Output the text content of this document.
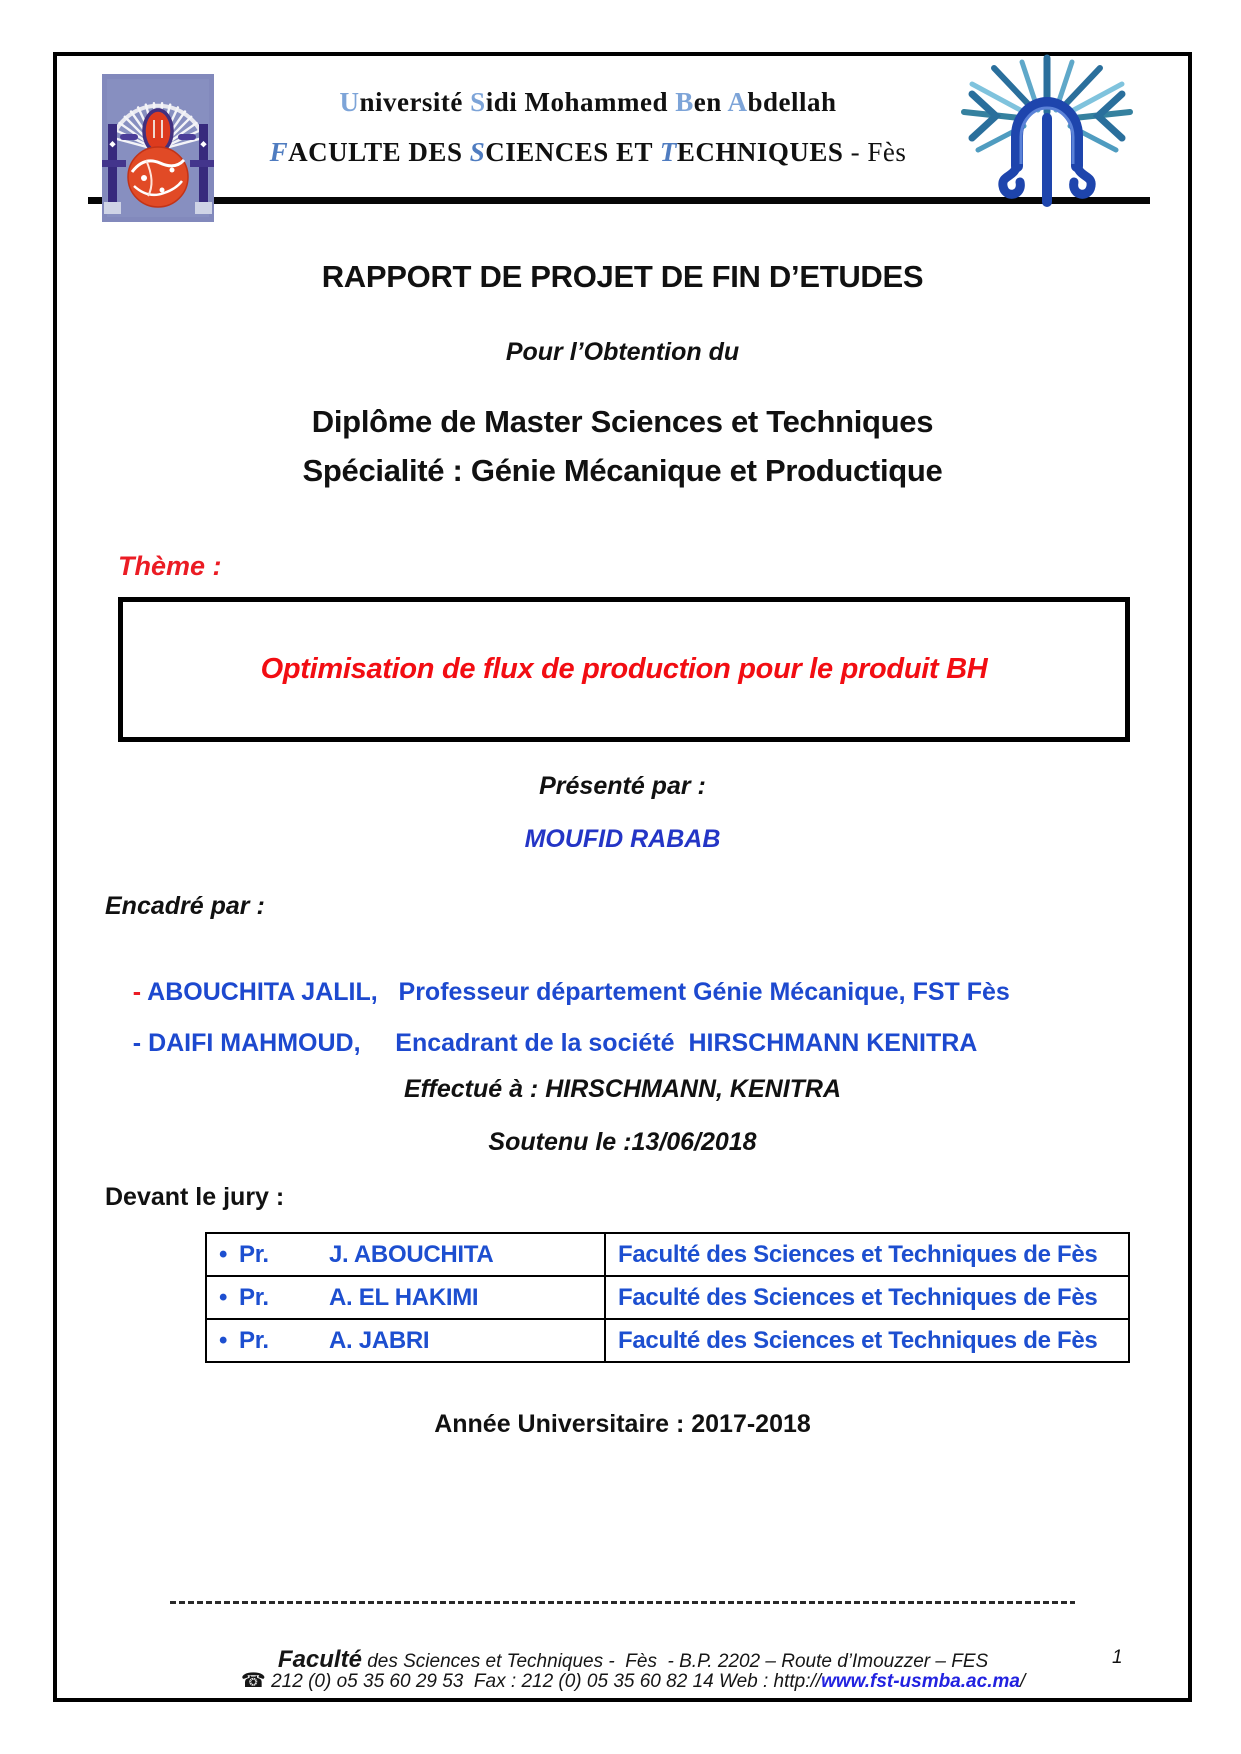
Université Sidi Mohammed Ben Abdellah
FACULTE DES SCIENCES ET TECHNIQUES - Fès
RAPPORT DE PROJET DE FIN D’ETUDES
Pour l’Obtention du
Diplôme de Master Sciences et Techniques
Spécialité : Génie Mécanique et Productique
Thème :
Optimisation de flux de production pour le produit BH
Présenté par :
MOUFID RABAB
Encadré par :

- ABOUCHITA JALIL,   Professeur département Génie Mécanique, FST Fès

- DAIFI MAHMOUD,     Encadrant de la société  HIRSCHMANN KENITRA

Effectué à : HIRSCHMANN, KENITRA
Soutenu le :13/06/2018
Devant le jury :
• Pr. J. ABOUCHITA	Faculté des Sciences et Techniques de Fès
• Pr. A. EL HAKIMI	Faculté des Sciences et Techniques de Fès
• Pr. A. JABRI	Faculté des Sciences et Techniques de Fès
Année Universitaire : 2017-2018

Faculté des Sciences et Techniques -  Fès  - B.P. 2202 – Route d’Imouzzer – FES

☎ 212 (0) o5 35 60 29 53  Fax : 212 (0) 05 35 60 82 14 Web : http://www.fst-usmba.ac.ma/

1
